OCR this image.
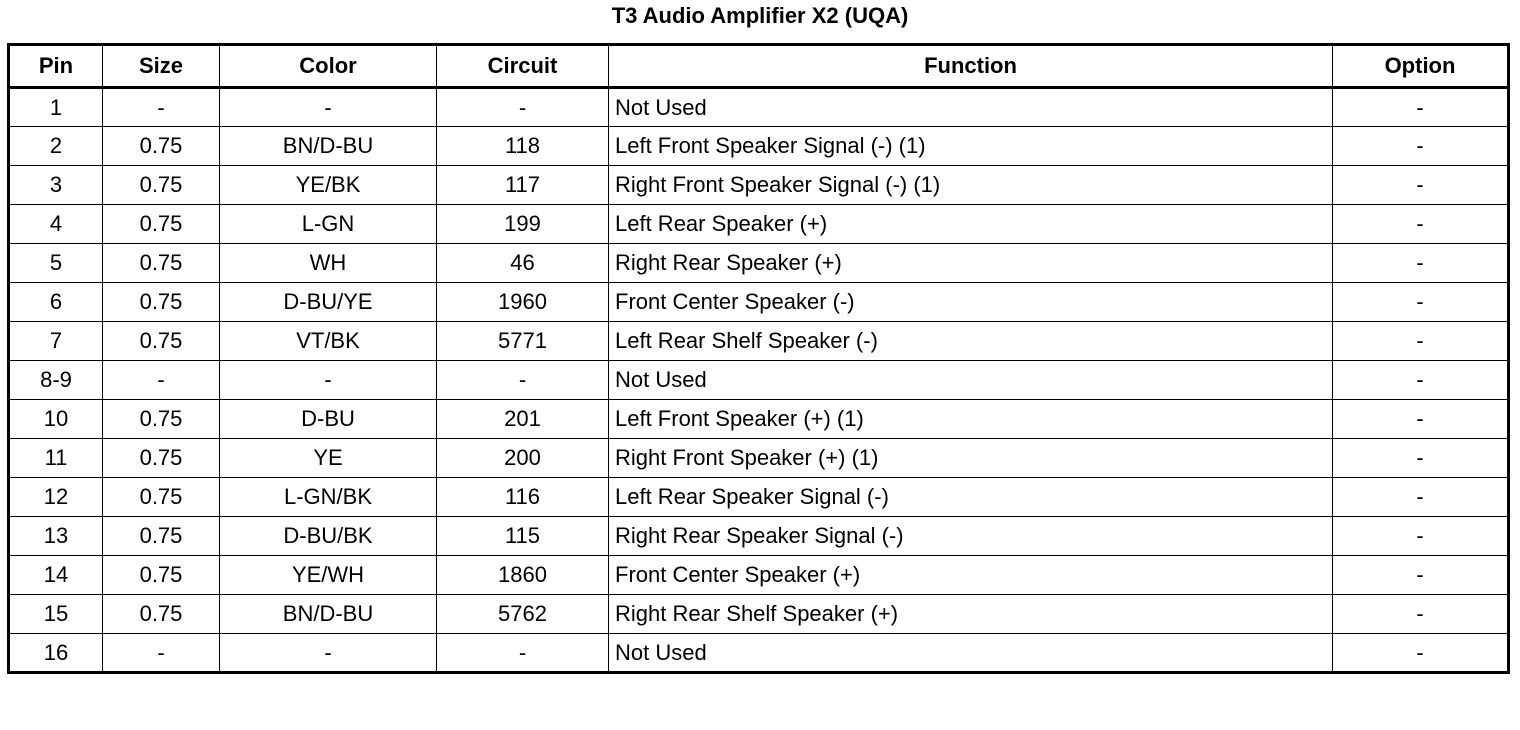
T3 Audio Amplifier X2 (UQA)
Pin	Size	Color	Circuit	Function	Option
1	-	-	-	Not Used	-
2	0.75	BN/D-BU	118	Left Front Speaker Signal (-) (1)	-
3	0.75	YE/BK	117	Right Front Speaker Signal (-) (1)	-
4	0.75	L-GN	199	Left Rear Speaker (+)	-
5	0.75	WH	46	Right Rear Speaker (+)	-
6	0.75	D-BU/YE	1960	Front Center Speaker (-)	-
7	0.75	VT/BK	5771	Left Rear Shelf Speaker (-)	-
8-9	-	-	-	Not Used	-
10	0.75	D-BU	201	Left Front Speaker (+) (1)	-
11	0.75	YE	200	Right Front Speaker (+) (1)	-
12	0.75	L-GN/BK	116	Left Rear Speaker Signal (-)	-
13	0.75	D-BU/BK	115	Right Rear Speaker Signal (-)	-
14	0.75	YE/WH	1860	Front Center Speaker (+)	-
15	0.75	BN/D-BU	5762	Right Rear Shelf Speaker (+)	-
16	-	-	-	Not Used	-
